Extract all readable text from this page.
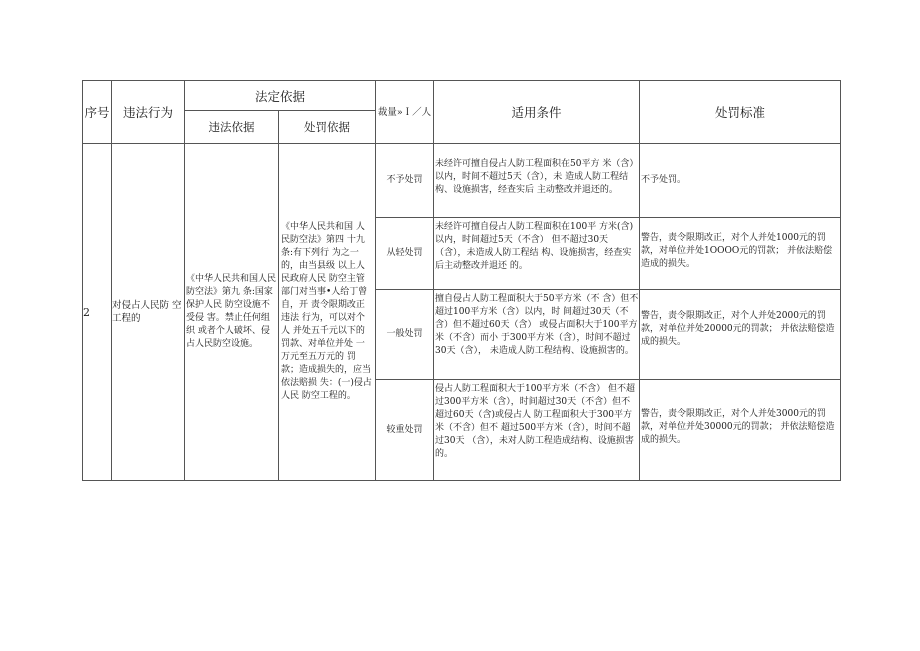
序号	违法行为	法定依据		裁量»Ｉ／人	适用条件	处罚标准
		违法依据	处罚依据			
2	对侵占人民防 空工程的	《中华人民共和国人民防空法》第九 条:国家保护人民 防空设施不受侵 害。禁止任何组织 或者个人破坏、侵占人民防空设施。	《中华人民共和国 人民防空法》第四 十九条:有下列行 为之一的，由当县级 以上人民政府人民 防空主管部门对当事•人给丁曾自，开 责令限期改正违法 行为，可以对个人 并处五千元以下的 罚款、对单位并处 一万元至五万元的 罚款；造成损失的，应当依法赔损 失：(一)侵占人民 防空工程的。	不予处罚	未经许可擅自侵占人防工程面积在50平方 米（含）以内，时间不超过5天（含），未 造成人防工程结构、设施损害，经查实后 主动整改并退还的。	不予处罚。
				从轻处罚	未经许可擅自侵占人防工程面积在100平 方米(含)以内，时间超过5天（不含） 但不超过30天（含），未造成人防工程结 构、设施损害，经查实后主动整改并退还 的。	警告，责令限期改正，对个人并处1000元的罚款，对单位并处1OOOO元的罚款； 并依法赔偿造成的损失。
				一般处罚	擅自侵占人防工程面积大于50平方米（不 含）但不超过100平方米（含）以内，时 间超过30天（不含）但不超过60天（含） 或侵占面积大于100平方米（不含）而小 于300平方米（含），时间不超过30天（含）， 未造成人防工程结构、设施损害的。	警告，责令限期改正，对个人并处2000元的罚款，对单位并处20000元的罚款； 并依法赔偿造成的损失。
				较重处罚	侵占人防工程面积大于100平方米（不含） 但不超过300平方米（含），时间超过30天（不含）但不超过60天（含)或侵占人 防工程面积大于300平方米（不含）但不 超过500平方米（含），时间不超过30天 （含），未对人防工程造成结构、设施损害 的。	警告，责令限期改正，对个人并处3000元的罚款，对单位并处30000元的罚款； 并依法赔偿造成的损失。
